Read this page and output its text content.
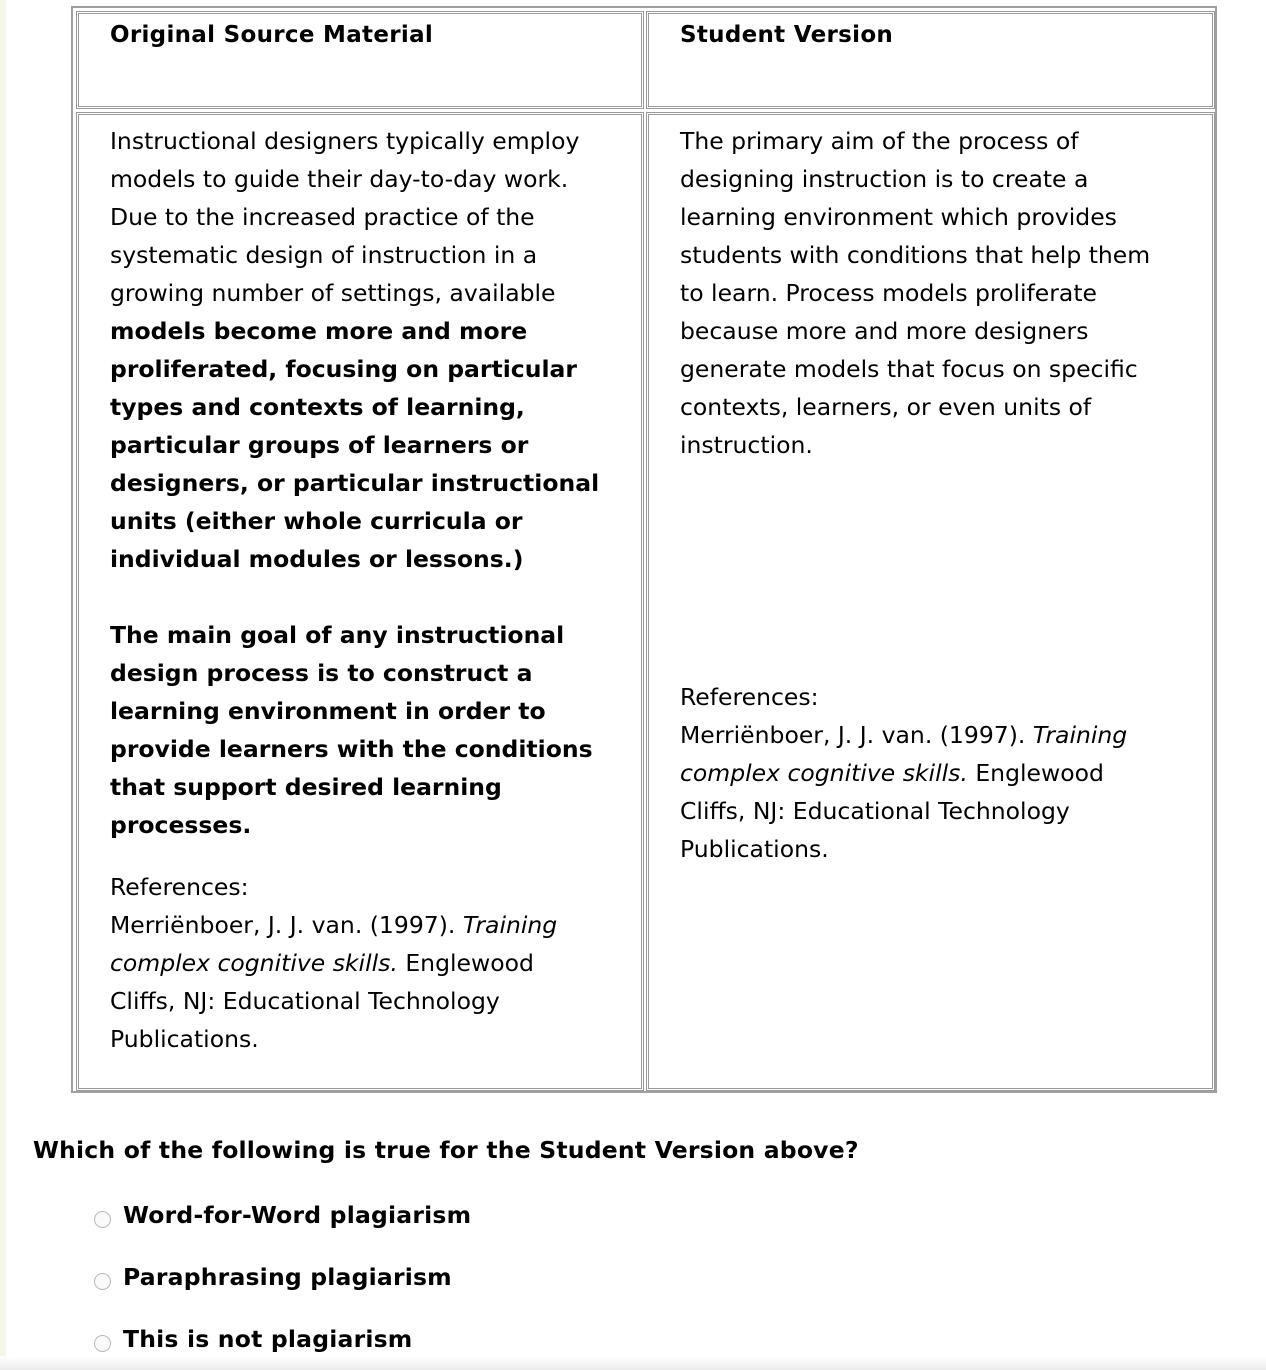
Original Source Material	Student Version

Instructional designers typically employ models to guide their day-to-day work. Due to the increased practice of the systematic design of instruction in a growing number of settings, available models become more and more proliferated, focusing on particular types and contexts of learning, particular groups of learners or designers, or particular instructional units (either whole curricula or individual modules or lessons.)

The main goal of any instructional design process is to construct a learning environment in order to provide learners with the conditions that support desired learning processes.

References:
Merriënboer, J. J. van. (1997). Training complex cognitive skills. Englewood Cliffs, NJ: Educational Technology Publications.

The primary aim of the process of designing instruction is to create a learning environment which provides students with conditions that help them to learn. Process models proliferate because more and more designers generate models that focus on specific contexts, learners, or even units of instruction.

References:
Merriënboer, J. J. van. (1997). Training complex cognitive skills. Englewood Cliffs, NJ: Educational Technology Publications.

Which of the following is true for the Student Version above?
Word-for-Word plagiarism
Paraphrasing plagiarism
This is not plagiarism
